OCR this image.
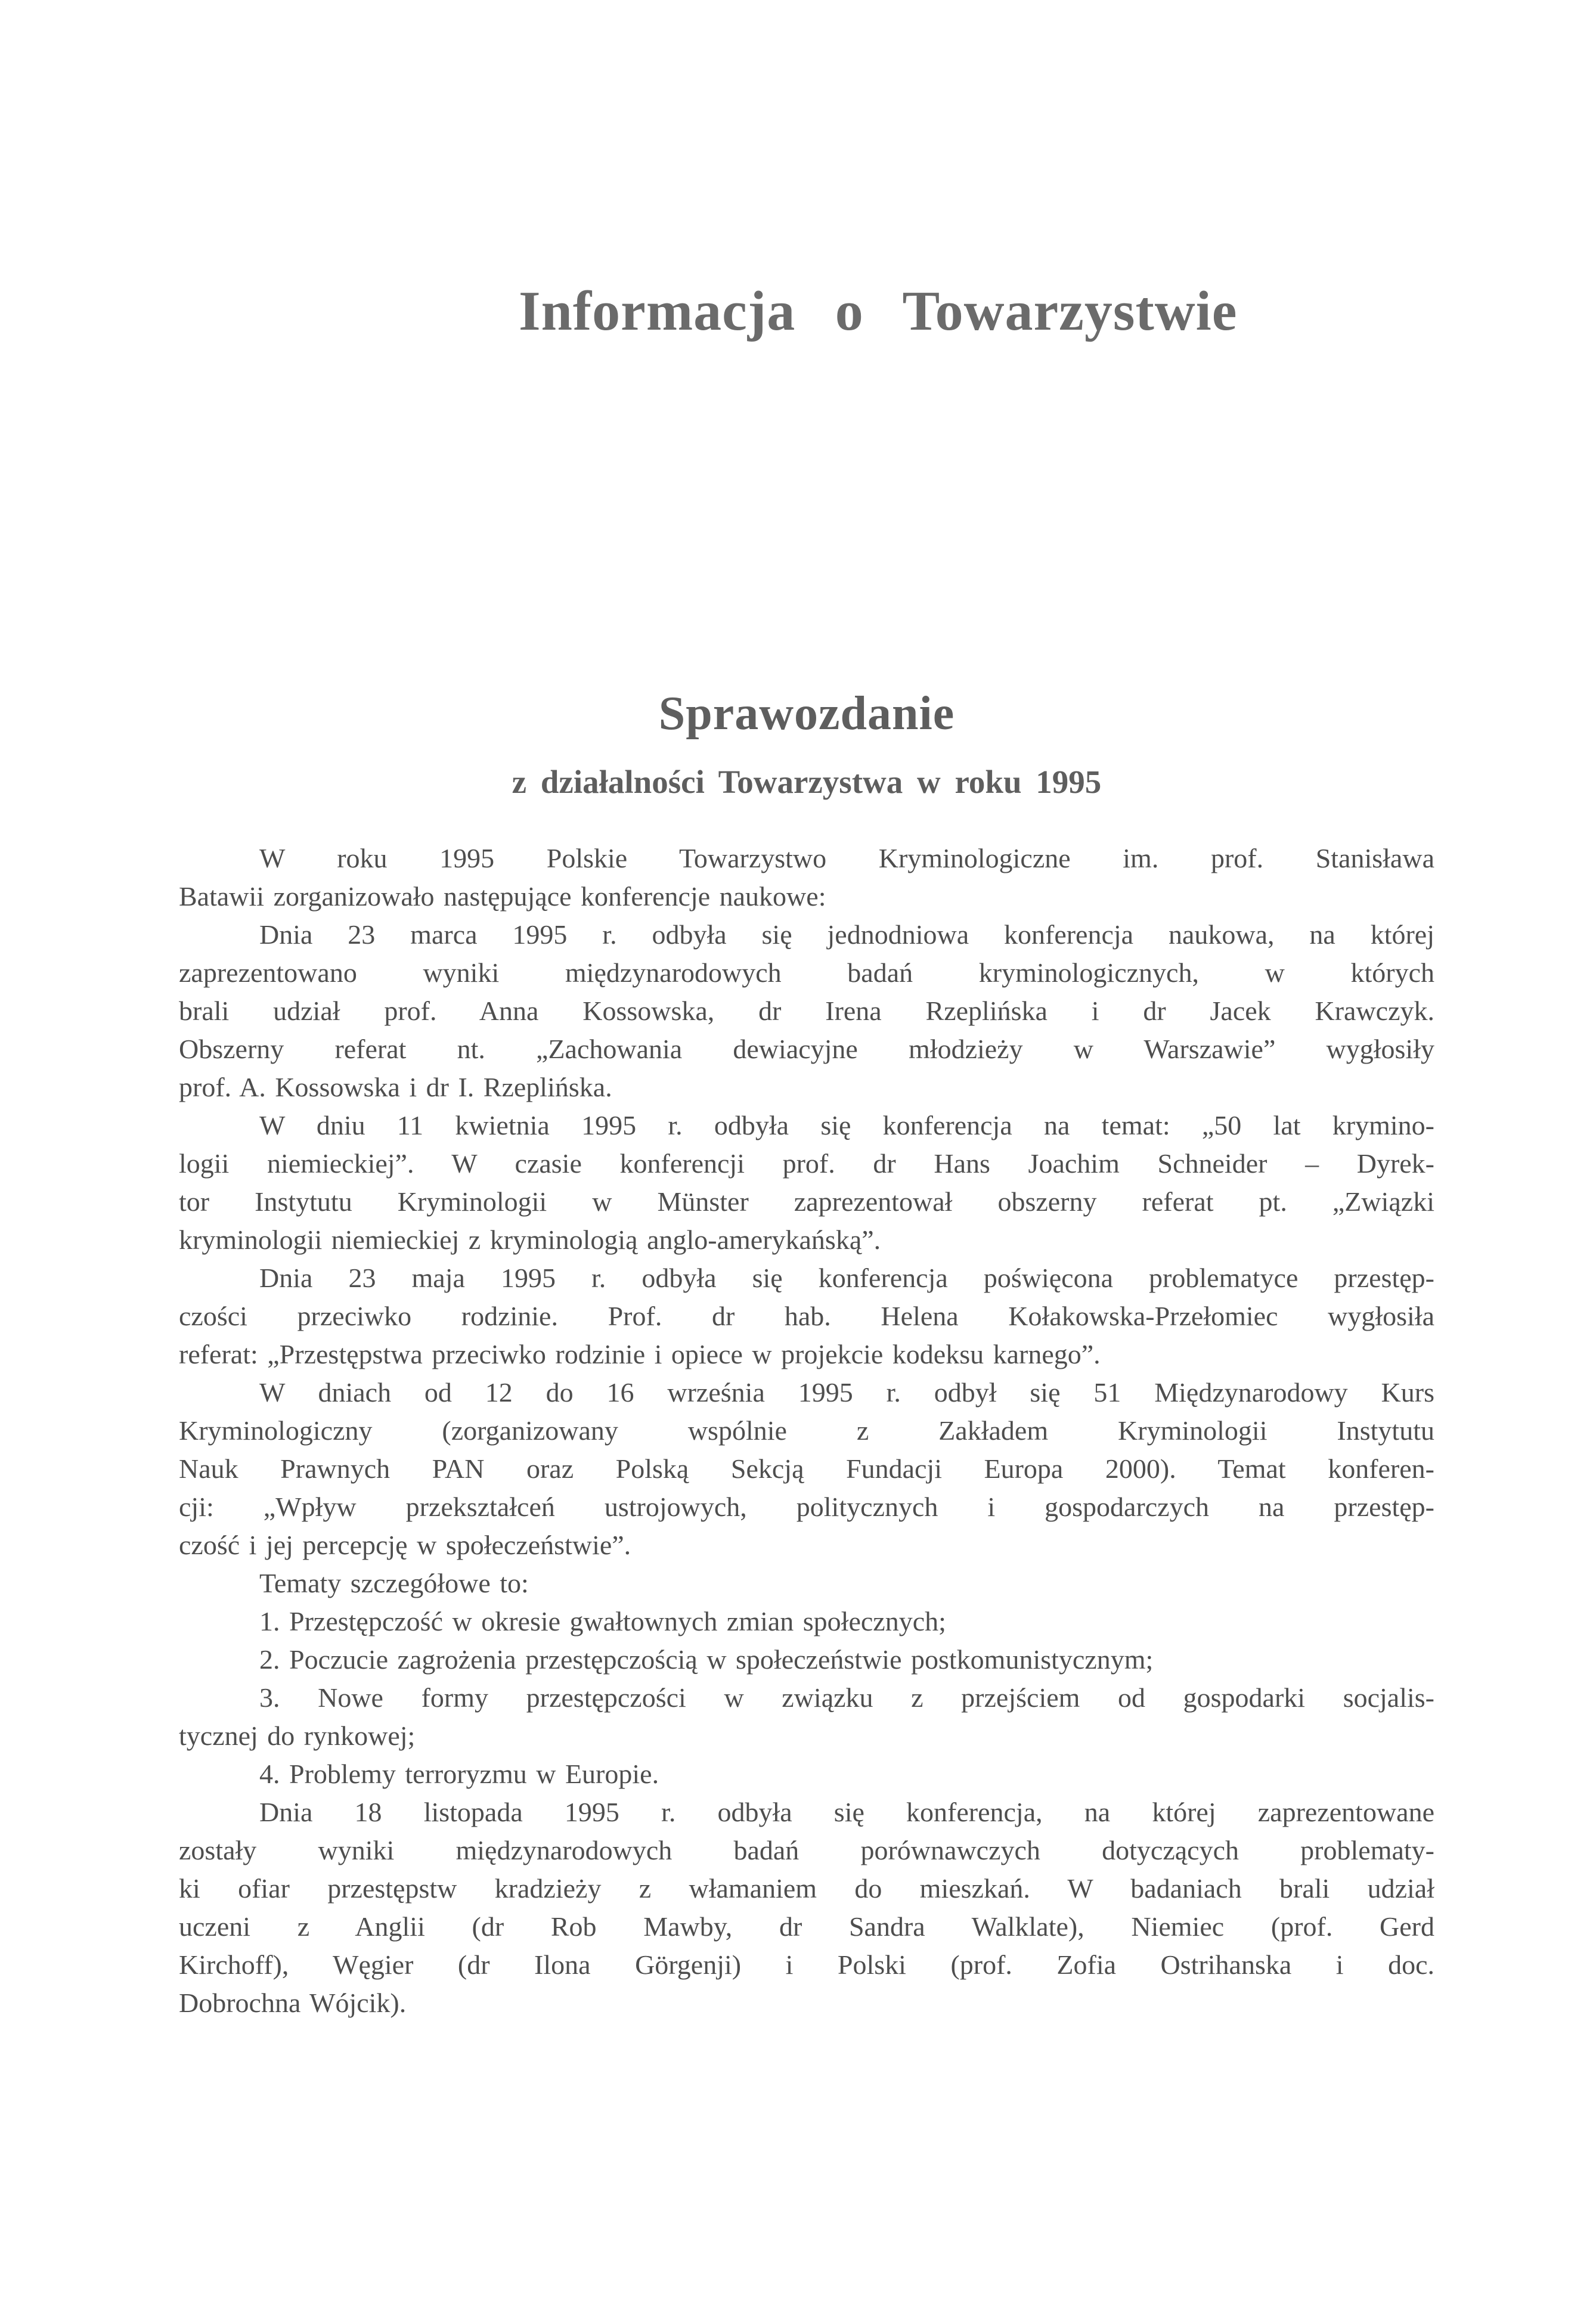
Informacja o Towarzystwie
Sprawozdanie
z działalności Towarzystwa w roku 1995

W roku 1995 Polskie Towarzystwo Kryminologiczne im. prof. Stanisława
Batawii zorganizowało następujące konferencje naukowe:

Dnia 23 marca 1995 r. odbyła się jednodniowa konferencja naukowa, na której
zaprezentowano wyniki międzynarodowych badań kryminologicznych, w których
brali udział prof. Anna Kossowska, dr Irena Rzeplińska i dr Jacek Krawczyk.
Obszerny referat nt. „Zachowania dewiacyjne młodzieży w Warszawie” wygłosiły
prof. A. Kossowska i dr I. Rzeplińska.

W dniu 11 kwietnia 1995 r. odbyła się konferencja na temat: „50 lat krymino-
logii niemieckiej”. W czasie konferencji prof. dr Hans Joachim Schneider – Dyrek-
tor Instytutu Kryminologii w Münster zaprezentował obszerny referat pt. „Związki
kryminologii niemieckiej z kryminologią anglo-amerykańską”.

Dnia 23 maja 1995 r. odbyła się konferencja poświęcona problematyce przestęp-
czości przeciwko rodzinie. Prof. dr hab. Helena Kołakowska-Przełomiec wygłosiła
referat: „Przestępstwa przeciwko rodzinie i opiece w projekcie kodeksu karnego”.

W dniach od 12 do 16 września 1995 r. odbył się 51 Międzynarodowy Kurs
Kryminologiczny (zorganizowany wspólnie z Zakładem Kryminologii Instytutu
Nauk Prawnych PAN oraz Polską Sekcją Fundacji Europa 2000). Temat konferen-
cji: „Wpływ przekształceń ustrojowych, politycznych i gospodarczych na przestęp-
czość i jej percepcję w społeczeństwie”.

Tematy szczegółowe to:

1. Przestępczość w okresie gwałtownych zmian społecznych;

2. Poczucie zagrożenia przestępczością w społeczeństwie postkomunistycznym;

3. Nowe formy przestępczości w związku z przejściem od gospodarki socjalis-
tycznej do rynkowej;

4. Problemy terroryzmu w Europie.

Dnia 18 listopada 1995 r. odbyła się konferencja, na której zaprezentowane
zostały wyniki międzynarodowych badań porównawczych dotyczących problematy-
ki ofiar przestępstw kradzieży z włamaniem do mieszkań. W badaniach brali udział
uczeni z Anglii (dr Rob Mawby, dr Sandra Walklate), Niemiec (prof. Gerd
Kirchoff), Węgier (dr Ilona Görgenji) i Polski (prof. Zofia Ostrihanska i doc.
Dobrochna Wójcik).
